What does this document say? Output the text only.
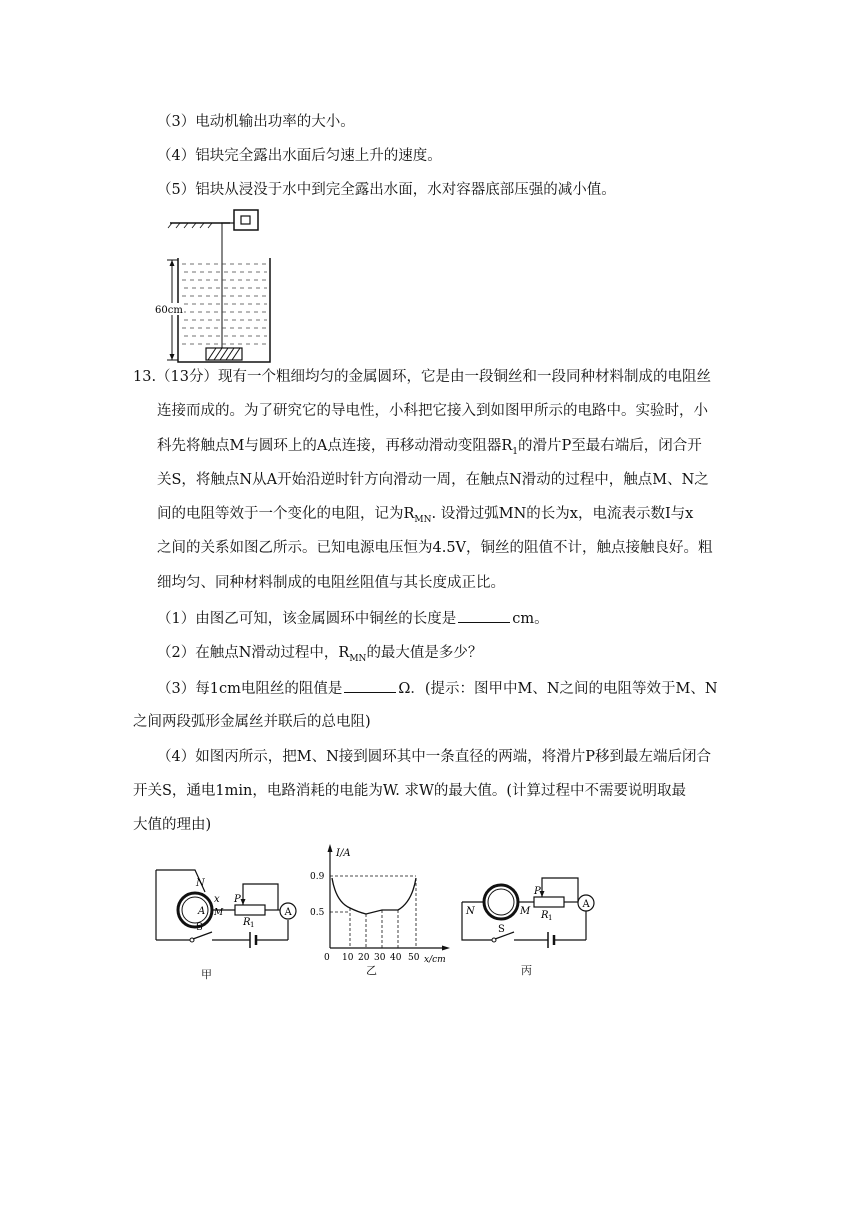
（3）电动机输出功率的大小。
（4）铝块完全露出水面后匀速上升的速度。
（5）铝块从浸没于水中到完全露出水面，水对容器底部压强的减小值。
60cm
13.（13分）现有一个粗细均匀的金属圆环，它是由一段铜丝和一段同种材料制成的电阻丝
连接而成的。为了研究它的导电性，小科把它接入到如图甲所示的电路中。实验时，小
科先将触点M与圆环上的A点连接，再移动滑动变阻器$R_1$的滑片P至最右端后，闭合开
关S，将触点N从A开始沿逆时针方向滑动一周，在触点N滑动的过程中，触点M、N之
间的电阻等效于一个变化的电阻，记为$R_{MN}$. 设滑过弧MN的长为x，电流表示数I与x
之间的关系如图乙所示。已知电源电压恒为4.5V，铜丝的阻值不计，触点接触良好。粗
细均匀、同种材料制成的电阻丝阻值与其长度成正比。
（1）由图乙可知，该金属圆环中铜丝的长度是	cm。
（2）在触点N滑动过程中，$R_{MN}$的最大值是多少？
（3）每1cm电阻丝的阻值是	Ω．(提示：图甲中M、N之间的电阻等效于M、N
之间两段弧形金属丝并联后的总电阻)
（4）如图丙所示，把M、N接到圆环其中一条直径的两端，将滑片P移到最左端后闭合
开关S，通电1min，电路消耗的电能为W. 求W的最大值。(计算过程中不需要说明取最
大值的理由)
N
x
A M
P
R 1
A
S
甲
I/A
0.9
0.5
0 10 20 30 40 50 x/cm
乙
N	M
P
R 1
A
S
丙
